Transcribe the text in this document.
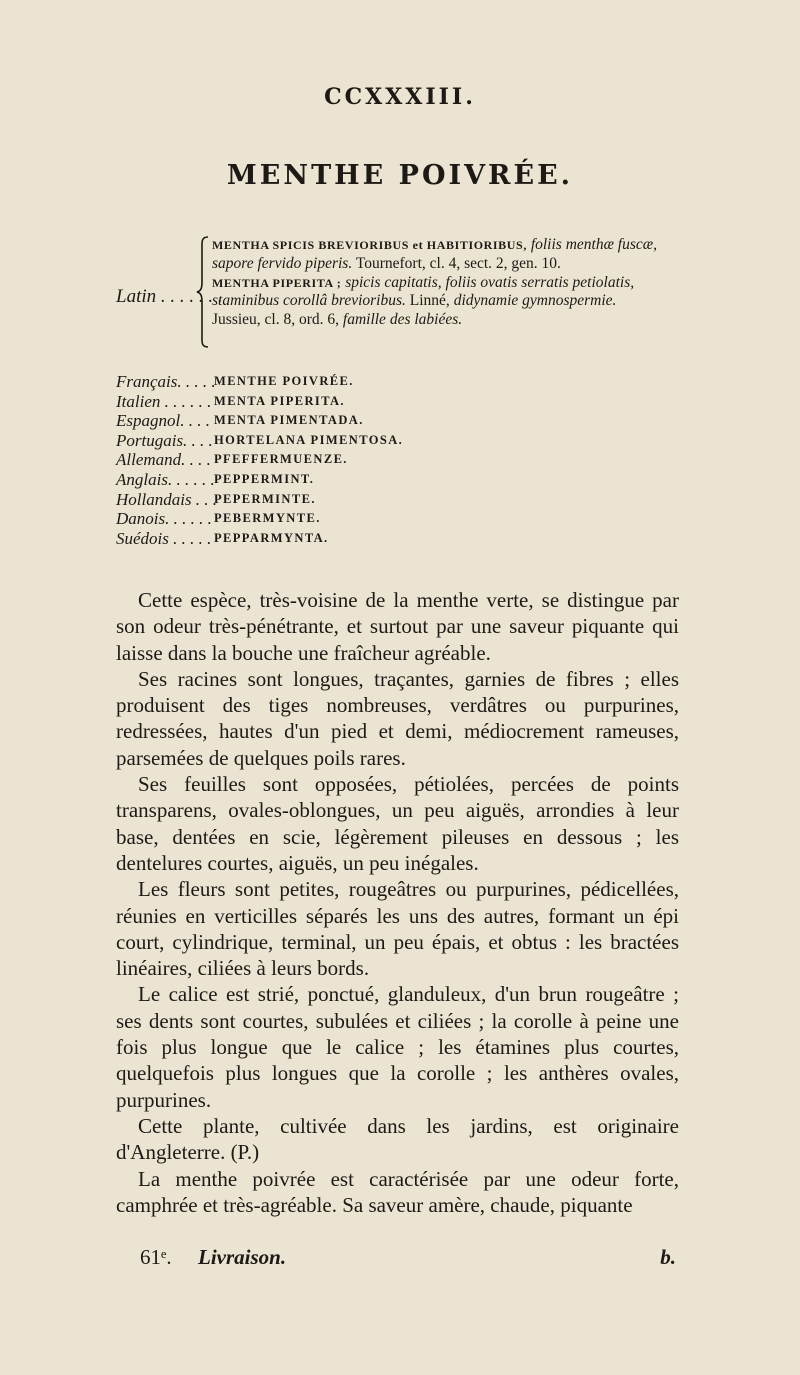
CCXXXIII.
MENTHE POIVRÉE.
Latin . . . . . . .
MENTHA SPICIS BREVIORIBUS et HABITIORIBUS, foliis menthæ fuscæ, sapore fervido piperis. Tournefort, cl. 4, sect. 2, gen. 10.
MENTHA PIPERITA ; spicis capitatis, foliis ovatis serratis petiolatis, staminibus corollâ brevioribus. Linné, didynamie gymnospermie. Jussieu, cl. 8, ord. 6, famille des labiées.
Français. . . . .
MENTHE POIVRÉE.
Italien . . . . . . MENTA PIPERITA.
Espagnol. . . . MENTA PIMENTADA.
Portugais. . . . HORTELANA PIMENTOSA.
Allemand. . . . PFEFFERMUENZE.
Anglais. . . . . . PEPPERMINT.
Hollandais . . .
PEPERMINTE.
Danois. . . . . . PEBERMYNTE.
Suédois . . . . . PEPPARMYNTA.

Cette espèce, très-voisine de la menthe verte, se distingue par son odeur très-pénétrante, et surtout par une saveur piquante qui laisse dans la bouche une fraîcheur agréable.

Ses racines sont longues, traçantes, garnies de fibres ; elles produisent des tiges nombreuses, verdâtres ou purpurines, redressées, hautes d'un pied et demi, médiocrement rameuses, parsemées de quelques poils rares.

Ses feuilles sont opposées, pétiolées, percées de points transparens, ovales-oblongues, un peu aiguës, arrondies à leur base, dentées en scie, légèrement pileuses en dessous ; les dentelures courtes, aiguës, un peu inégales.

Les fleurs sont petites, rougeâtres ou purpurines, pédicellées, réunies en verticilles séparés les uns des autres, formant un épi court, cylindrique, terminal, un peu épais, et obtus : les bractées linéaires, ciliées à leurs bords.

Le calice est strié, ponctué, glanduleux, d'un brun rougeâtre ; ses dents sont courtes, subulées et ciliées ; la corolle à peine une fois plus longue que le calice ; les étamines plus courtes, quelquefois plus longues que la corolle ; les anthères ovales, purpurines.

Cette plante, cultivée dans les jardins, est originaire d'Angleterre. (P.)

La menthe poivrée est caractérisée par une odeur forte, camphrée et très-agréable. Sa saveur amère, chaude, piquante

61ᵉ. Livraison.	b.
